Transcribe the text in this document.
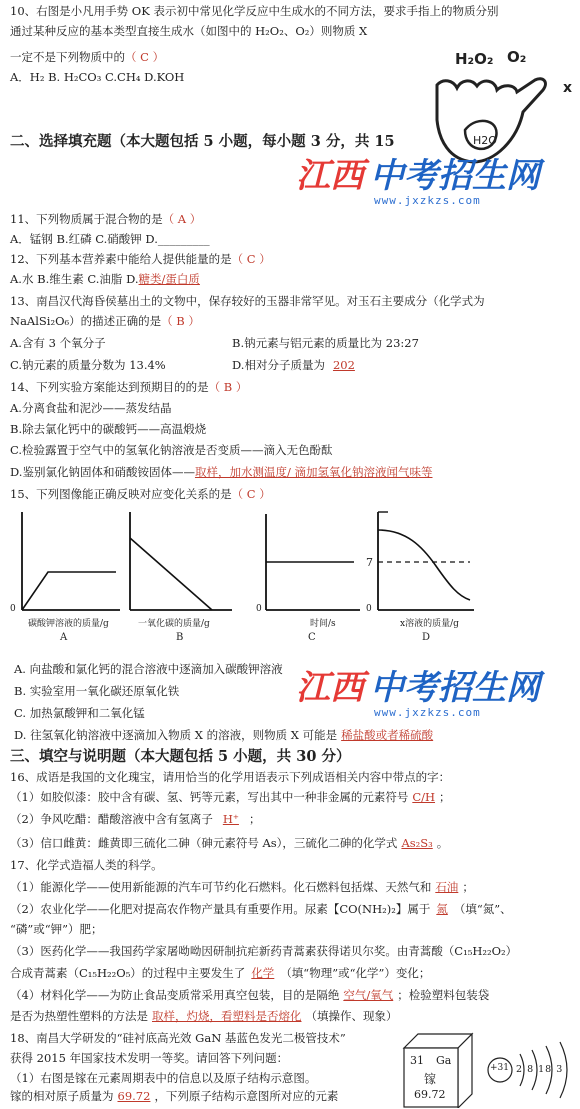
10、右图是小凡用手势 OK 表示初中常见化学反应中生成水的不同方法，要求手指上的物质分别
通过某种反应的基本类型直接生成水（如图中的 H₂O₂、O₂）则物质 X
一定不是下列物质中的（ C ）
A．H₂ B. H₂CO₃ C.CH₄ D.KOH
H₂O₂ O₂
x
H2O
二、选择填充题（本大题包括 5 小题，每小题 3 分，共 15
江西 中考招生网
www.jxzkzs.com
11、下列物质属于混合物的是（ A ）
A．锰钢 B.红磷 C.硝酸钾 D._________
12、下列基本营养素中能给人提供能量的是（ C ）
A.水 B.维生素 C.油脂 D.糖类/蛋白质
13、南昌汉代海昏侯墓出土的文物中，保存较好的玉器非常罕见。对玉石主要成分（化学式为
NaAlSi₂O₆）的描述正确的是（ B ）
A.含有 3 个氧分子	B.钠元素与铝元素的质量比为 23:27
C.钠元素的质量分数为 13.4%	D.相对分子质量为 202
14、下列实验方案能达到预期目的的是（ B ）
A.分离食盐和泥沙——蒸发结晶
B.除去氯化钙中的碳酸钙——高温煅烧
C.检验露置于空气中的氢氧化钠溶液是否变质——滴入无色酚酞
D.鉴别氯化钠固体和硝酸铵固体——取样，加水测温度/ 滴加氢氧化钠溶液闻气味等
15、下列图像能正确反映对应变化关系的是（ C ）
0
碳酸钾溶液的质量/g
A
一氧化碳的质量/g
B
0
时间/s
C
7
0
x溶液的质量/g
D
A. 向盐酸和氯化钙的混合溶液中逐滴加入碳酸钾溶液
B. 实验室用一氧化碳还原氧化铁
C. 加热氯酸钾和二氧化锰
D. 往氢氧化钠溶液中逐滴加入物质 X 的溶液，则物质 X 可能是 稀盐酸或者稀硫酸
江西 中考招生网
www.jxzkzs.com
三、填空与说明题（本大题包括 5 小题，共 30 分）
16、成语是我国的文化瑰宝，请用恰当的化学用语表示下列成语相关内容中带点的字：
（1）如胶似漆：胶中含有碳、氢、钙等元素，写出其中一种非金属的元素符号 C/H ；
（2）争风吃醋：醋酸溶液中含有氢离子 H⁺ ；
（3）信口雌黄：雌黄即三硫化二砷（砷元素符号 As），三硫化二砷的化学式 As₂S₃ 。
17、化学式造福人类的科学。
（1）能源化学——使用新能源的汽车可节约化石燃料。化石燃料包括煤、天然气和 石油 ；
（2）农业化学——化肥对提高农作物产量具有重要作用。尿素【CO(NH₂)₂】属于 氮 （填“氮”、
“磷”或“钾”）肥；
（3）医药化学——我国药学家屠呦呦因研制抗疟新药青蒿素获得诺贝尔奖。由青蒿酸（C₁₅H₂₂O₂）
合成青蒿素（C₁₅H₂₂O₅）的过程中主要发生了 化学 （填“物理”或“化学”）变化；
（4）材料化学——为防止食品变质常采用真空包装，目的是隔绝 空气/氧气 ；检验塑料包装袋
是否为热塑性塑料的方法是 取样，灼烧，看塑料是否熔化 （填操作、现象）
18、南昌大学研发的“硅衬底高光效 GaN 基蓝色发光二极管技术”
获得 2015 年国家技术发明一等奖。请回答下列问题：
（1）右图是镓在元素周期表中的信息以及原子结构示意图。
镓的相对原子质量为 69.72 ，下列原子结构示意图所对应的元素
31 Ga
镓
69.72
+31 2 8 18 3
